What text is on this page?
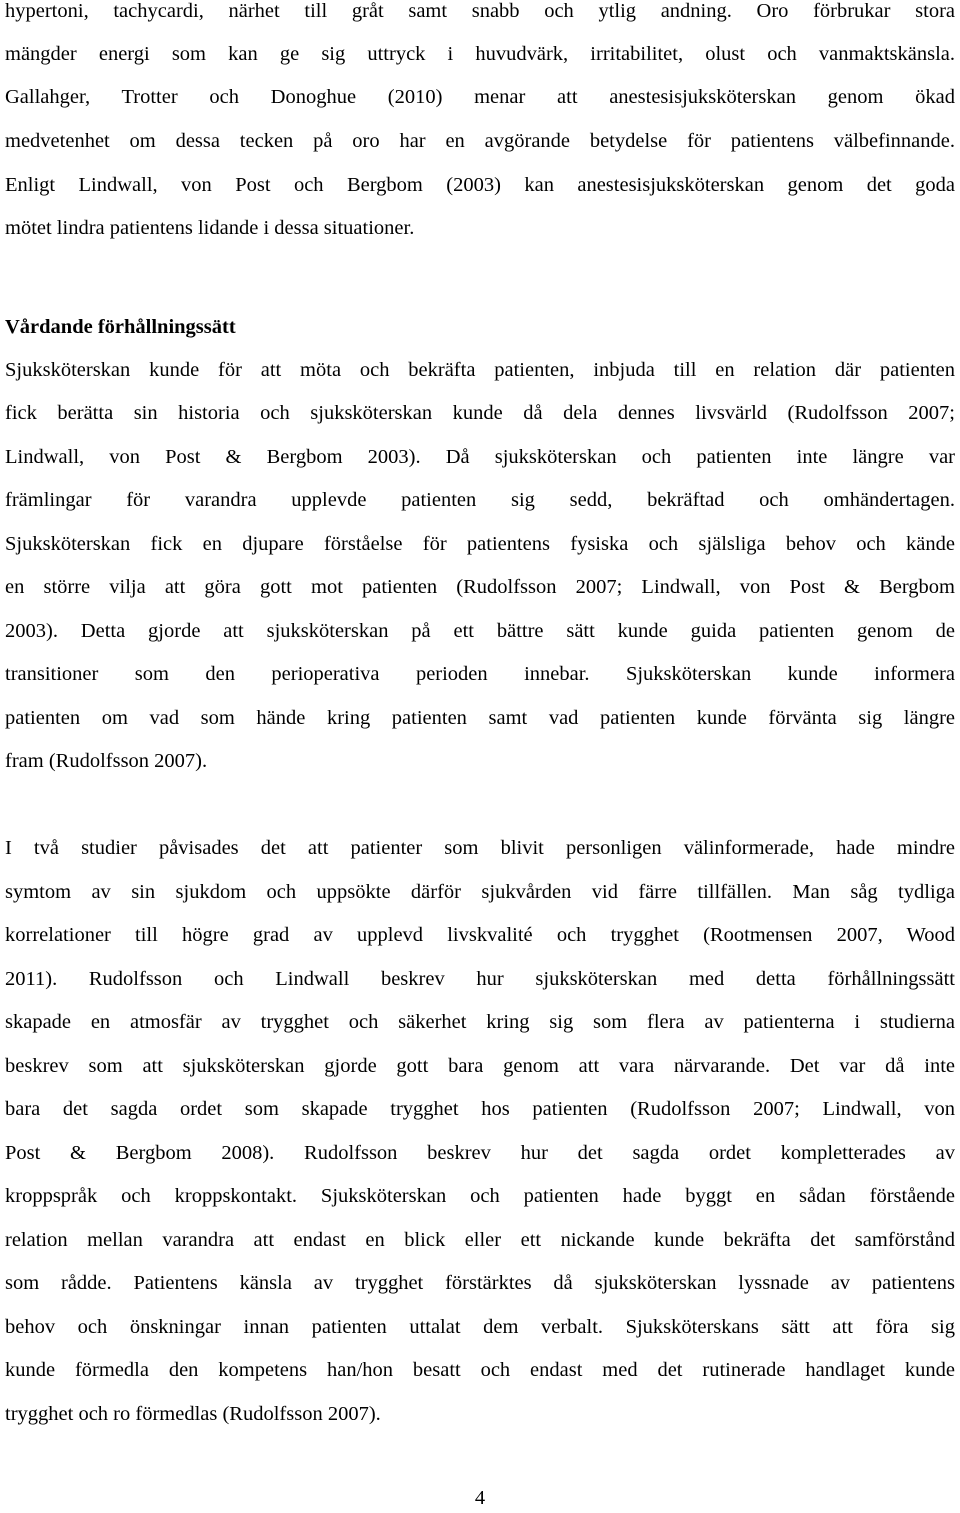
hypertoni, tachycardi, närhet till gråt samt snabb och ytlig andning. Oro förbrukar stora
mängder energi som kan ge sig uttryck i huvudvärk, irritabilitet, olust och vanmaktskänsla.
Gallahger, Trotter och Donoghue (2010) menar att anestesisjuksköterskan genom ökad
medvetenhet om dessa tecken på oro har en avgörande betydelse för patientens välbefinnande.
Enligt Lindwall, von Post och Bergbom (2003) kan anestesisjuksköterskan genom det goda
mötet lindra patientens lidande i dessa situationer.
Vårdande förhållningssätt
Sjuksköterskan kunde för att möta och bekräfta patienten, inbjuda till en relation där patienten
fick berätta sin historia och sjuksköterskan kunde då dela dennes livsvärld (Rudolfsson 2007;
Lindwall, von Post & Bergbom 2003). Då sjuksköterskan och patienten inte längre var
främlingar för varandra upplevde patienten sig sedd, bekräftad och omhändertagen.
Sjuksköterskan fick en djupare förståelse för patientens fysiska och själsliga behov och kände
en större vilja att göra gott mot patienten (Rudolfsson 2007; Lindwall, von Post & Bergbom
2003). Detta gjorde att sjuksköterskan på ett bättre sätt kunde guida patienten genom de
transitioner som den perioperativa perioden innebar. Sjuksköterskan kunde informera
patienten om vad som hände kring patienten samt vad patienten kunde förvänta sig längre
fram (Rudolfsson 2007).
I två studier påvisades det att patienter som blivit personligen välinformerade, hade mindre
symtom av sin sjukdom och uppsökte därför sjukvården vid färre tillfällen. Man såg tydliga
korrelationer till högre grad av upplevd livskvalité och trygghet (Rootmensen 2007, Wood
2011). Rudolfsson och Lindwall beskrev hur sjuksköterskan med detta förhållningssätt
skapade en atmosfär av trygghet och säkerhet kring sig som flera av patienterna i studierna
beskrev som att sjuksköterskan gjorde gott bara genom att vara närvarande. Det var då inte
bara det sagda ordet som skapade trygghet hos patienten (Rudolfsson 2007; Lindwall, von
Post & Bergbom 2008). Rudolfsson beskrev hur det sagda ordet kompletterades av
kroppspråk och kroppskontakt. Sjuksköterskan och patienten hade byggt en sådan förstående
relation mellan varandra att endast en blick eller ett nickande kunde bekräfta det samförstånd
som rådde. Patientens känsla av trygghet förstärktes då sjuksköterskan lyssnade av patientens
behov och önskningar innan patienten uttalat dem verbalt. Sjuksköterskans sätt att föra sig
kunde förmedla den kompetens han/hon besatt och endast med det rutinerade handlaget kunde
trygghet och ro förmedlas (Rudolfsson 2007).
4
